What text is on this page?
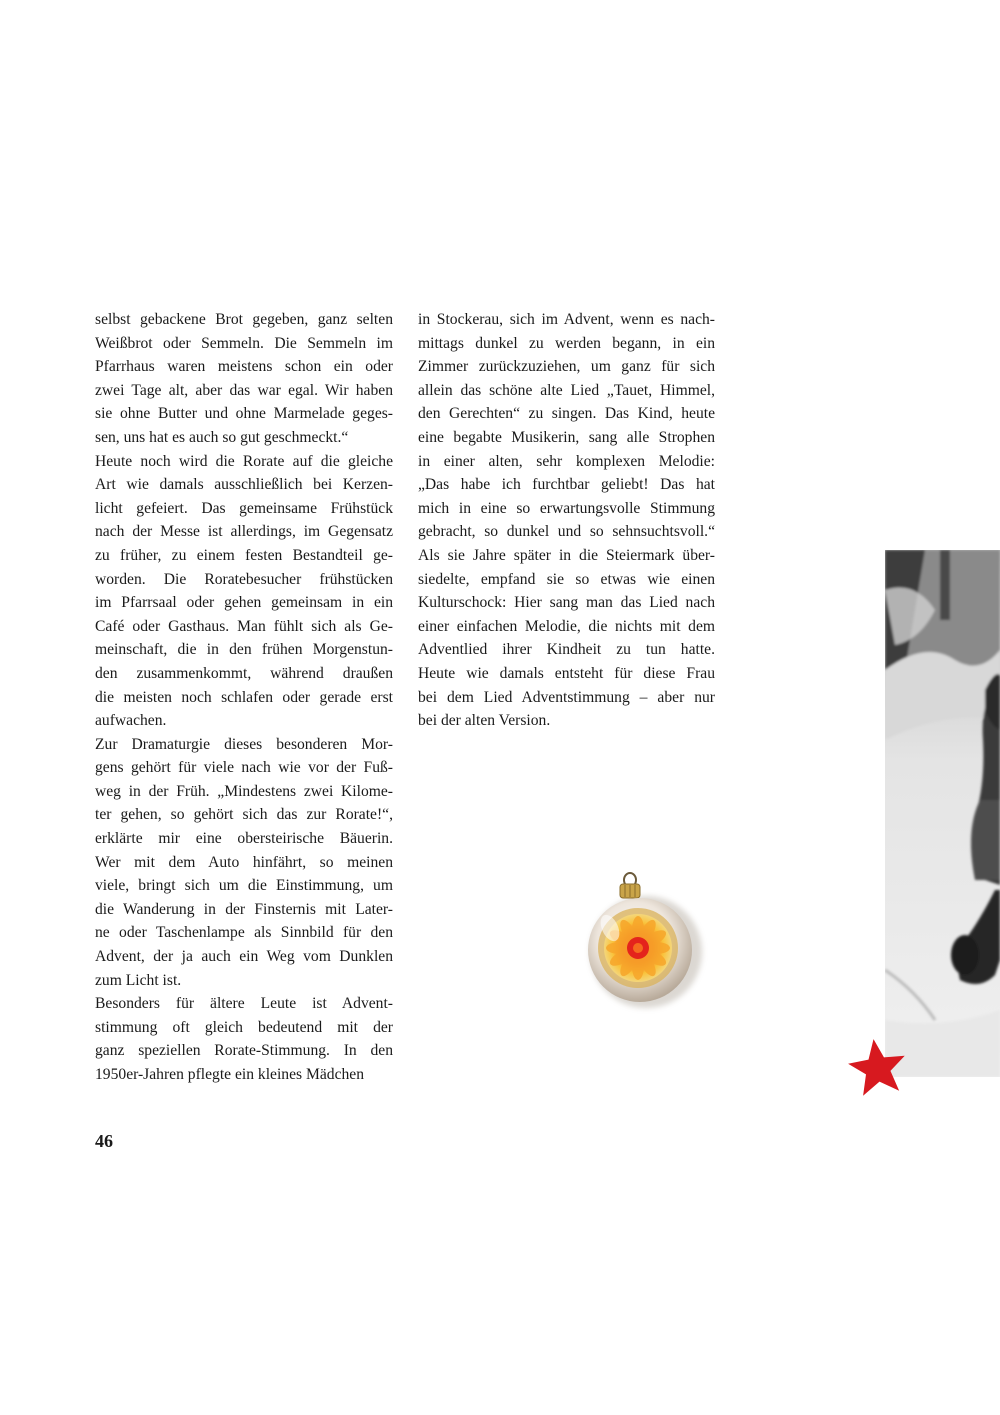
selbst gebackene Brot gegeben, ganz selten
Weißbrot oder Semmeln. Die Semmeln im
Pfarrhaus waren meistens schon ein oder
zwei Tage alt, aber das war egal. Wir haben
sie ohne Butter und ohne Marmelade geges-
sen, uns hat es auch so gut geschmeckt.“
Heute noch wird die Rorate auf die gleiche
Art wie damals ausschließlich bei Kerzen-
licht gefeiert. Das gemeinsame Frühstück
nach der Messe ist allerdings, im Gegensatz
zu früher, zu einem festen Bestandteil ge-
worden. Die Roratebesucher frühstücken
im Pfarrsaal oder gehen gemeinsam in ein
Café oder Gasthaus. Man fühlt sich als Ge-
meinschaft, die in den frühen Morgenstun-
den zusammenkommt, während draußen
die meisten noch schlafen oder gerade erst
aufwachen.
Zur Dramaturgie dieses besonderen Mor-
gens gehört für viele nach wie vor der Fuß-
weg in der Früh. „Mindestens zwei Kilome-
ter gehen, so gehört sich das zur Rorate!“,
erklärte mir eine obersteirische Bäuerin.
Wer mit dem Auto hinfährt, so meinen
viele, bringt sich um die Einstimmung, um
die Wanderung in der Finsternis mit Later-
ne oder Taschenlampe als Sinnbild für den
Advent, der ja auch ein Weg vom Dunklen
zum Licht ist.
Besonders für ältere Leute ist Advent-
stimmung oft gleich bedeutend mit der
ganz speziellen Rorate-Stimmung. In den
1950er-Jahren pflegte ein kleines Mädchen
in Stockerau, sich im Advent, wenn es nach-
mittags dunkel zu werden begann, in ein
Zimmer zurückzuziehen, um ganz für sich
allein das schöne alte Lied „Tauet, Himmel,
den Gerechten“ zu singen. Das Kind, heute
eine begabte Musikerin, sang alle Strophen
in einer alten, sehr komplexen Melodie:
„Das habe ich furchtbar geliebt! Das hat
mich in eine so erwartungsvolle Stimmung
gebracht, so dunkel und so sehnsuchtsvoll.“
Als sie Jahre später in die Steiermark über-
siedelte, empfand sie so etwas wie einen
Kulturschock: Hier sang man das Lied nach
einer einfachen Melodie, die nichts mit dem
Adventlied ihrer Kindheit zu tun hatte.
Heute wie damals entsteht für diese Frau
bei dem Lied Adventstimmung – aber nur
bei der alten Version.
46
